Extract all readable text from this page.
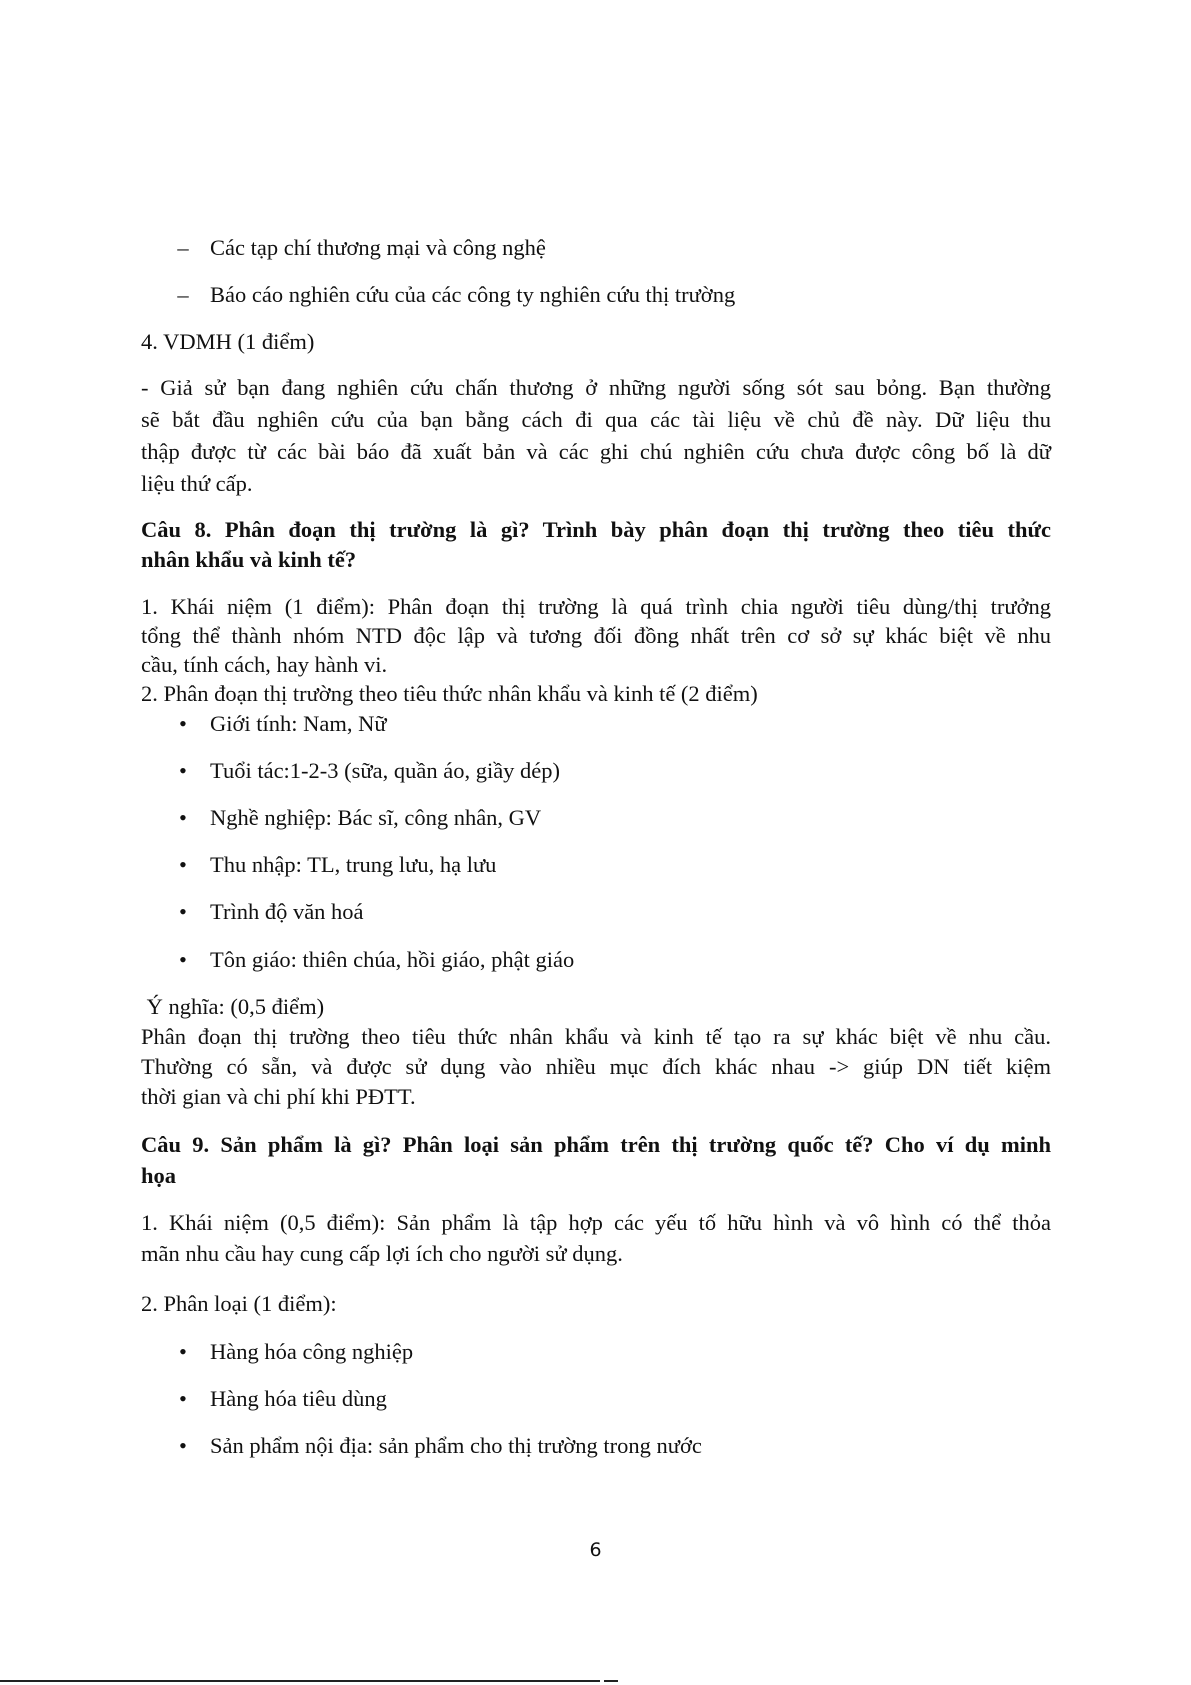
– Các tạp chí thương mại và công nghệ
– Báo cáo nghiên cứu của các công ty nghiên cứu thị trường
4. VDMH (1 điểm)
- Giả sử bạn đang nghiên cứu chấn thương ở những người sống sót sau bỏng. Bạn thường
sẽ bắt đầu nghiên cứu của bạn bằng cách đi qua các tài liệu về chủ đề này. Dữ liệu thu
thập được từ các bài báo đã xuất bản và các ghi chú nghiên cứu chưa được công bố là dữ
liệu thứ cấp.
Câu 8. Phân đoạn thị trường là gì? Trình bày phân đoạn thị trường theo tiêu thức
nhân khẩu và kinh tế?
1. Khái niệm (1 điểm): Phân đoạn thị trường là quá trình chia người tiêu dùng/thị trưởng
tổng thể thành nhóm NTD độc lập và tương đối đồng nhất trên cơ sở sự khác biệt về nhu
cầu, tính cách, hay hành vi.
2. Phân đoạn thị trường theo tiêu thức nhân khẩu và kinh tế (2 điểm)
• Giới tính: Nam, Nữ
• Tuổi tác:1-2-3 (sữa, quần áo, giầy dép)
• Nghề nghiệp: Bác sĩ, công nhân, GV
• Thu nhập: TL, trung lưu, hạ lưu
• Trình độ văn hoá
• Tôn giáo: thiên chúa, hồi giáo, phật giáo
Ý nghĩa: (0,5 điểm)
Phân đoạn thị trường theo tiêu thức nhân khẩu và kinh tế tạo ra sự khác biệt về nhu cầu.
Thường có sẵn, và được sử dụng vào nhiều mục đích khác nhau -> giúp DN tiết kiệm
thời gian và chi phí khi PĐTT.
Câu 9. Sản phẩm là gì? Phân loại sản phẩm trên thị trường quốc tế? Cho ví dụ minh
họa
1. Khái niệm (0,5 điểm): Sản phẩm là tập hợp các yếu tố hữu hình và vô hình có thể thỏa
mãn nhu cầu hay cung cấp lợi ích cho người sử dụng.
2. Phân loại (1 điểm):
• Hàng hóa công nghiệp
• Hàng hóa tiêu dùng
• Sản phẩm nội địa: sản phẩm cho thị trường trong nước
6
